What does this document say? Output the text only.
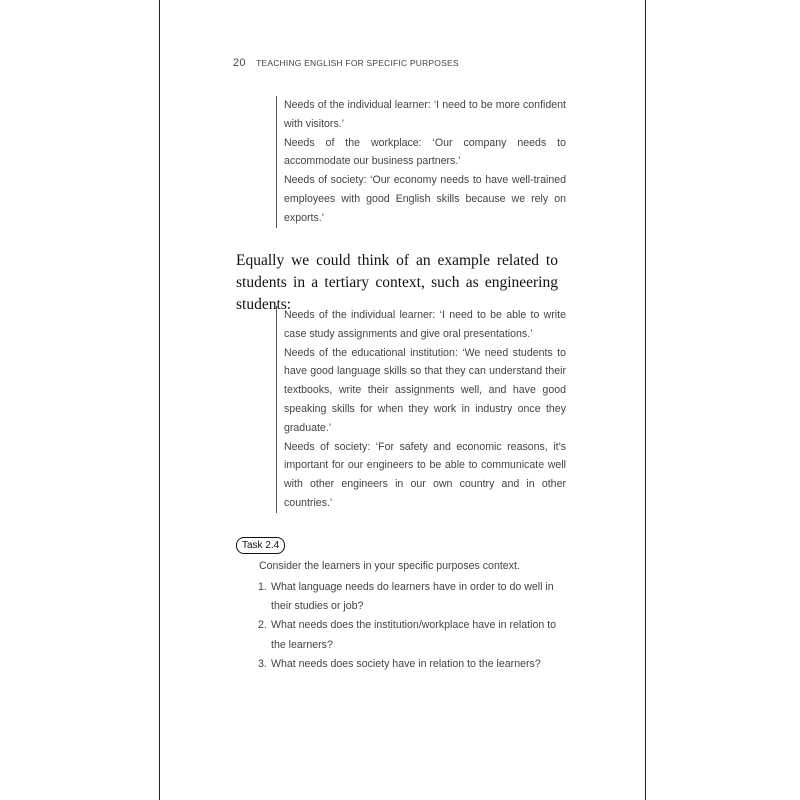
20 TEACHING ENGLISH FOR SPECIFIC PURPOSES

Needs of the individual learner: ‘I need to be more confident with visitors.’

Needs of the workplace: ‘Our company needs to accommodate our business partners.’

Needs of society: ‘Our economy needs to have well-trained employees with good English skills because we rely on exports.’

Equally we could think of an example related to students in a tertiary context, such as engineering students:

Needs of the individual learner: ‘I need to be able to write case study assignments and give oral presentations.’

Needs of the educational institution: ‘We need students to have good language skills so that they can understand their textbooks, write their assignments well, and have good speaking skills for when they work in industry once they graduate.’

Needs of society: ‘For safety and economic reasons, it’s important for our engineers to be able to communicate well with other engineers in our own country and in other countries.’

Task 2.4
Consider the learners in your specific purposes context.
1. What language needs do learners have in order to do well in their studies or job?
2. What needs does the institution/workplace have in relation to the learners?
3. What needs does society have in relation to the learners?
